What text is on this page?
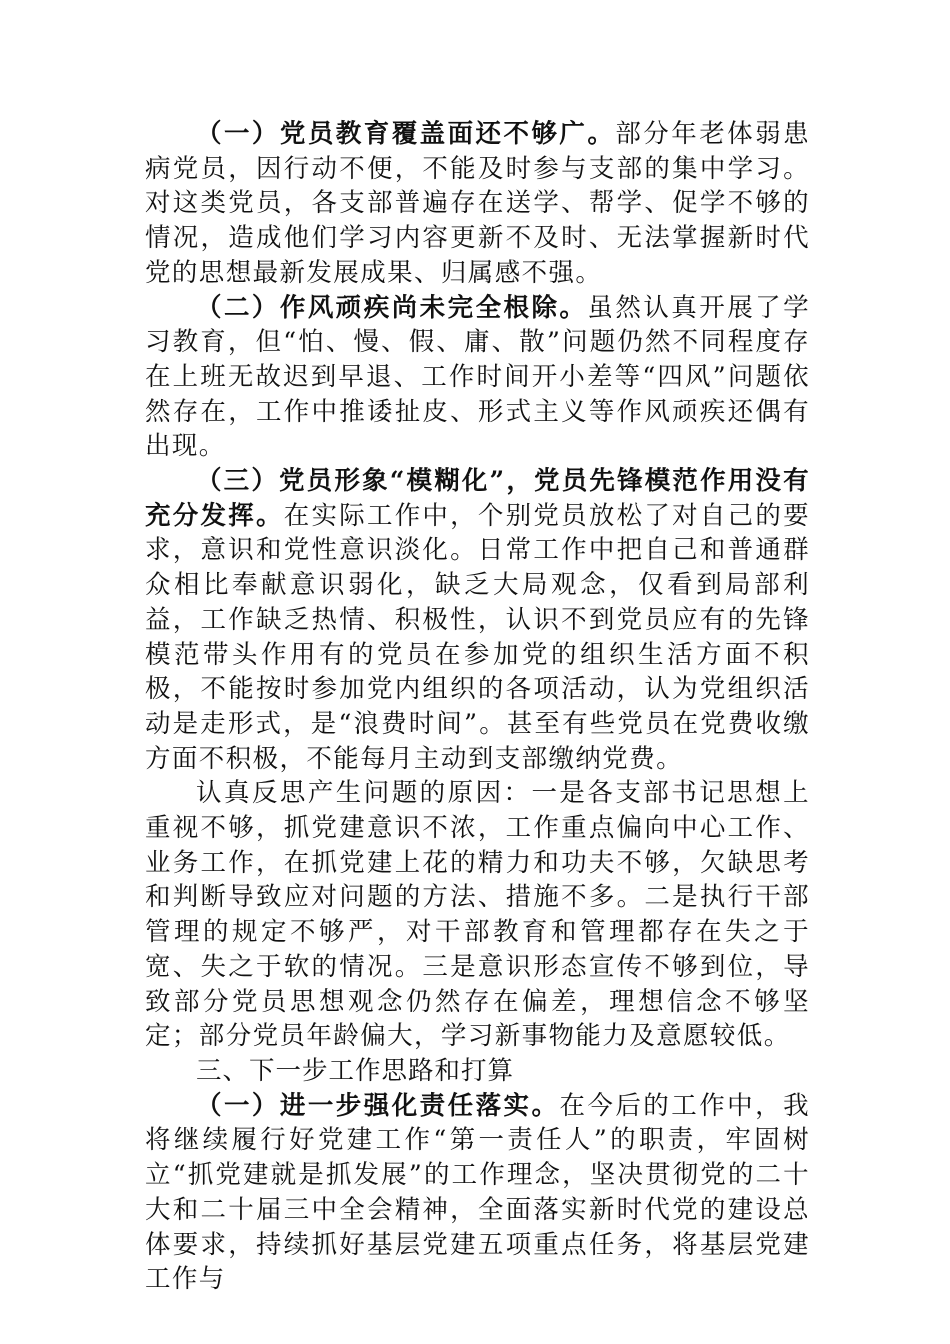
（一）党员教育覆盖面还不够广。部分年老体弱患病党员，因行动不便，不能及时参与支部的集中学习。对这类党员，各支部普遍存在送学、帮学、促学不够的情况，造成他们学习内容更新不及时、无法掌握新时代党的思想最新发展成果、归属感不强。

（二）作风顽疾尚未完全根除。虽然认真开展了学习教育，但“怕、慢、假、庸、散”问题仍然不同程度存在上班无故迟到早退、工作时间开小差等“四风”问题依然存在，工作中推诿扯皮、形式主义等作风顽疾还偶有出现。

（三）党员形象“模糊化”，党员先锋模范作用没有充分发挥。在实际工作中，个别党员放松了对自己的要求，意识和党性意识淡化。日常工作中把自己和普通群众相比奉献意识弱化，缺乏大局观念，仅看到局部利益，工作缺乏热情、积极性，认识不到党员应有的先锋模范带头作用有的党员在参加党的组织生活方面不积极，不能按时参加党内组织的各项活动，认为党组织活动是走形式，是“浪费时间”。甚至有些党员在党费收缴方面不积极，不能每月主动到支部缴纳党费。

认真反思产生问题的原因：一是各支部书记思想上重视不够，抓党建意识不浓，工作重点偏向中心工作、业务工作，在抓党建上花的精力和功夫不够，欠缺思考和判断导致应对问题的方法、措施不多。二是执行干部管理的规定不够严，对干部教育和管理都存在失之于宽、失之于软的情况。三是意识形态宣传不够到位，导致部分党员思想观念仍然存在偏差，理想信念不够坚定；部分党员年龄偏大，学习新事物能力及意愿较低。

三、下一步工作思路和打算

（一）进一步强化责任落实。在今后的工作中，我将继续履行好党建工作“第一责任人”的职责，牢固树立“抓党建就是抓发展”的工作理念，坚决贯彻党的二十大和二十届三中全会精神，全面落实新时代党的建设总体要求，持续抓好基层党建五项重点任务，将基层党建工作与
